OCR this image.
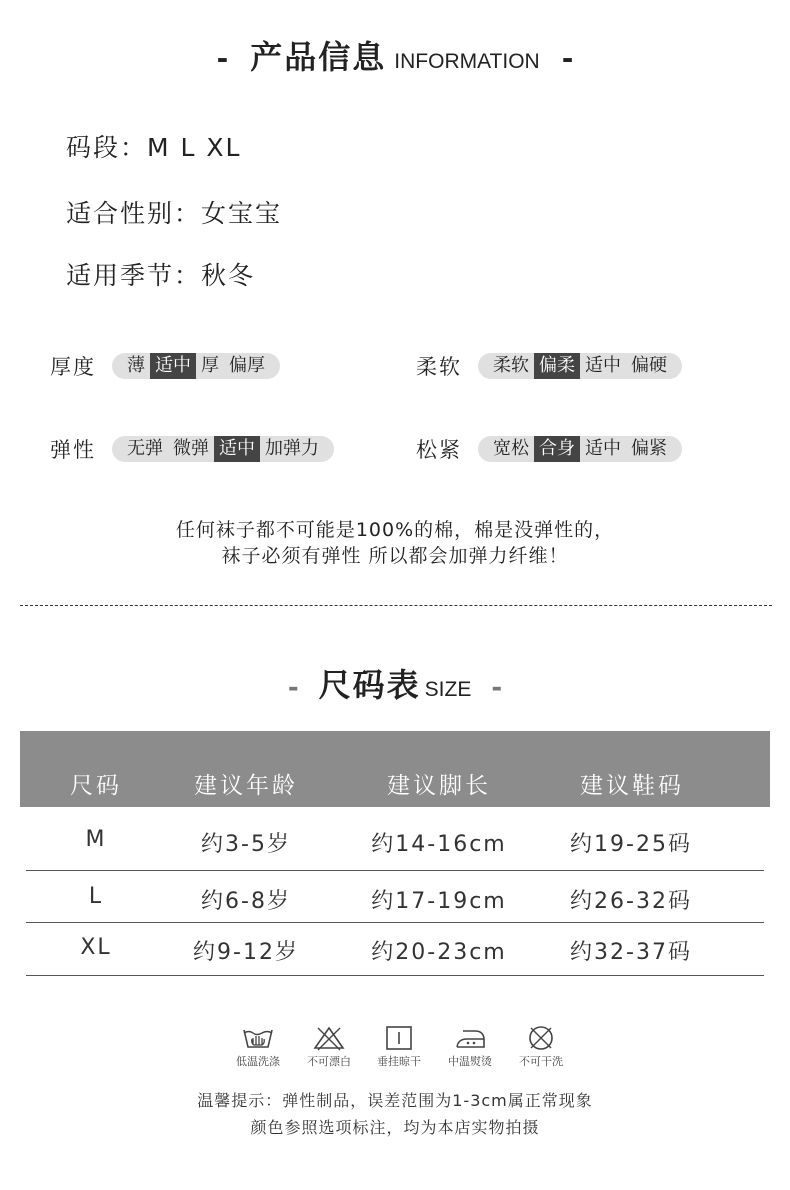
- 产品信息 INFORMATION -
码段：M L XL
适合性别：女宝宝
适用季节：秋冬
厚度	薄 适中 厚 偏厚	柔软	柔软 偏柔 适中 偏硬
弹性	无弹 微弹 适中 加弹力	松紧	宽松 合身 适中 偏紧
任何袜子都不可能是100%的棉，棉是没弹性的，
袜子必须有弹性 所以都会加弹力纤维！
- 尺码表 SIZE -
尺码	建议年龄	建议脚长	建议鞋码
M	约3-5岁	约14-16cm	约19-25码
L	约6-8岁	约17-19cm	约26-32码
XL	约9-12岁	约20-23cm	约32-37码
低温洗涤	不可漂白	垂挂晾干	中温熨烫	不可干洗
温馨提示：弹性制品，误差范围为1-3cm属正常现象
颜色参照选项标注，均为本店实物拍摄
